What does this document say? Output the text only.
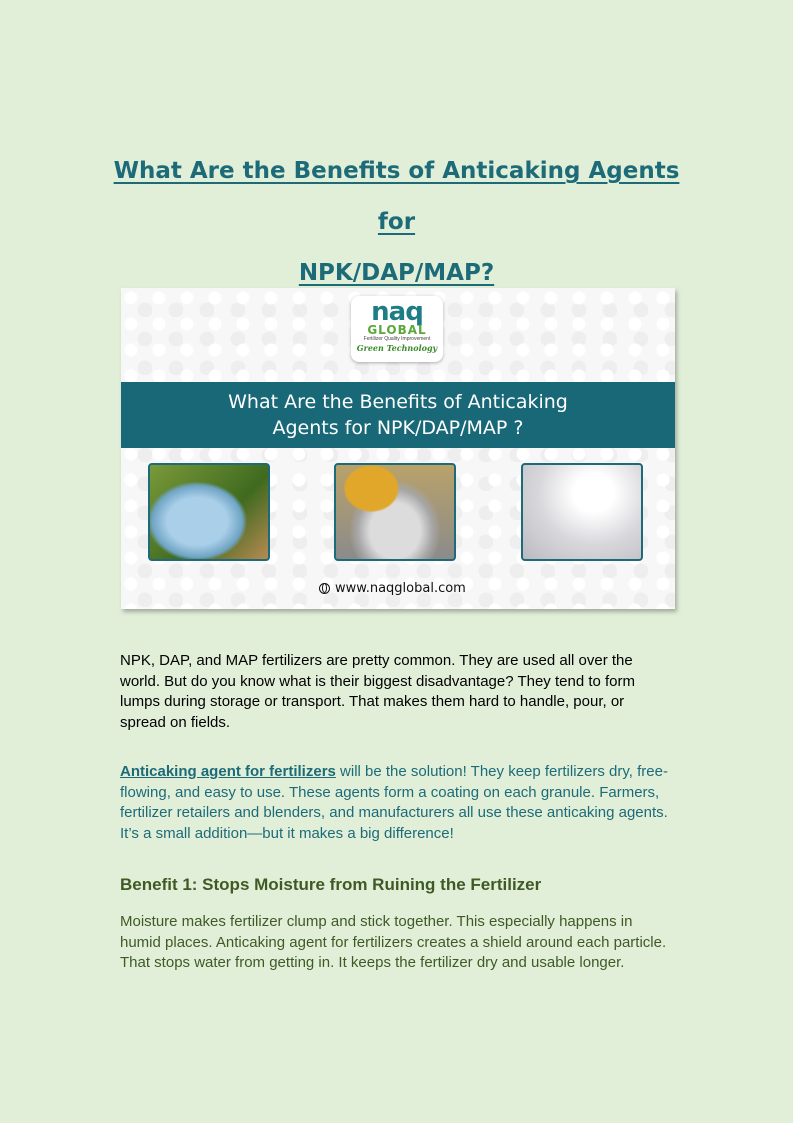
What Are the Benefits of Anticaking Agents for
NPK/DAP/MAP?
naq
GLOBAL
Fertilizer Quality Improvement
Green Technology
What Are the Benefits of Anticaking
Agents for NPK/DAP/MAP ?
www.naqglobal.com

NPK, DAP, and MAP fertilizers are pretty common. They are used all over the world. But do you know what is their biggest disadvantage? They tend to form lumps during storage or transport. That makes them hard to handle, pour, or spread on fields.

Anticaking agent for fertilizers will be the solution! They keep fertilizers dry, free-flowing, and easy to use. These agents form a coating on each granule. Farmers, fertilizer retailers and blenders, and manufacturers all use these anticaking agents. It’s a small addition—but it makes a big difference!

Benefit 1: Stops Moisture from Ruining the Fertilizer

Moisture makes fertilizer clump and stick together. This especially happens in humid places. Anticaking agent for fertilizers creates a shield around each particle. That stops water from getting in. It keeps the fertilizer dry and usable longer.
